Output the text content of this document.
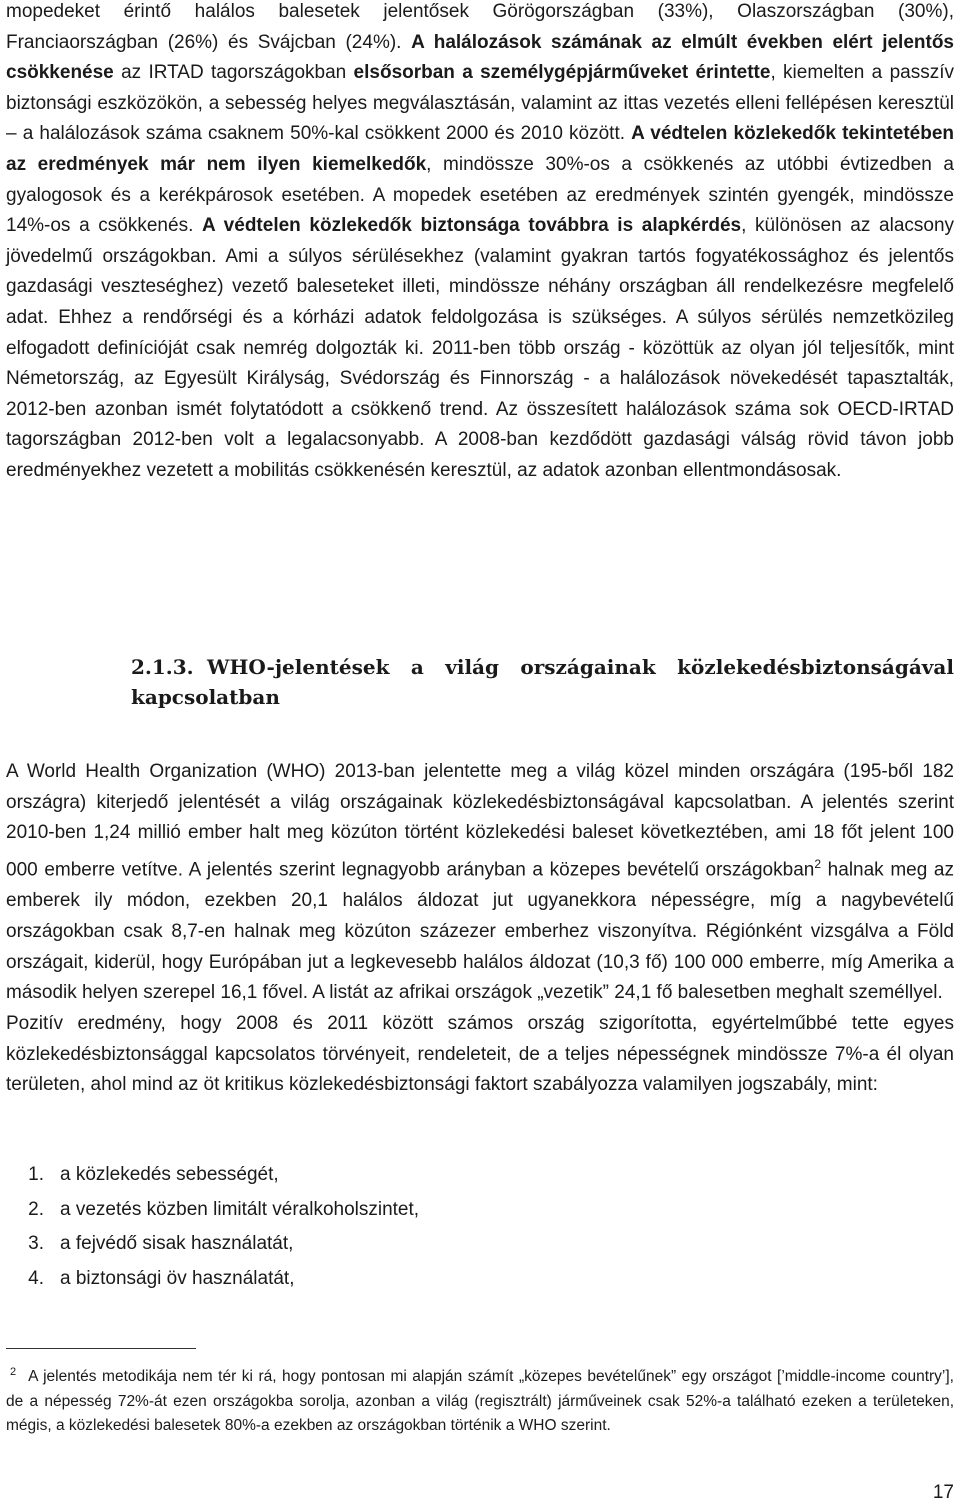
mopedeket érintő halálos balesetek jelentősek Görögországban (33%), Olaszországban (30%), Franciaországban (26%) és Svájcban (24%). A halálozások számának az elmúlt években elért jelentős csökkenése az IRTAD tagországokban elsősorban a személygépjárműveket érintette, kiemelten a passzív biztonsági eszközökön, a sebesség helyes megválasztásán, valamint az ittas vezetés elleni fellépésen keresztül – a halálozások száma csaknem 50%-kal csökkent 2000 és 2010 között. A védtelen közlekedők tekintetében az eredmények már nem ilyen kiemelkedők, mindössze 30%-os a csökkenés az utóbbi évtizedben a gyalogosok és a kerékpárosok esetében. A mopedek esetében az eredmények szintén gyengék, mindössze 14%-os a csökkenés. A védtelen közlekedők biztonsága továbbra is alapkérdés, különösen az alacsony jövedelmű országokban. Ami a súlyos sérülésekhez (valamint gyakran tartós fogyatékossághoz és jelentős gazdasági veszteséghez) vezető baleseteket illeti, mindössze néhány országban áll rendelkezésre megfelelő adat. Ehhez a rendőrségi és a kórházi adatok feldolgozása is szükséges. A súlyos sérülés nemzetközileg elfogadott definícióját csak nemrég dolgozták ki. 2011-ben több ország - közöttük az olyan jól teljesítők, mint Németország, az Egyesült Királyság, Svédország és Finnország - a halálozások növekedését tapasztalták, 2012-ben azonban ismét folytatódott a csökkenő trend. Az összesített halálozások száma sok OECD-IRTAD tagországban 2012-ben volt a legalacsonyabb. A 2008-ban kezdődött gazdasági válság rövid távon jobb eredményekhez vezetett a mobilitás csökkenésén keresztül, az adatok azonban ellentmondásosak.

2.1.3. WHO-jelentések a világ országainak közlekedésbiztonságával kapcsolatban

A World Health Organization (WHO) 2013-ban jelentette meg a világ közel minden országára (195-ből 182 országra) kiterjedő jelentését a világ országainak közlekedésbiztonságával kapcsolatban. A jelentés szerint 2010-ben 1,24 millió ember halt meg közúton történt közlekedési baleset következtében, ami 18 főt jelent 100 000 emberre vetítve. A jelentés szerint legnagyobb arányban a közepes bevételű országokban$^2$ halnak meg az emberek ily módon, ezekben 20,1 halálos áldozat jut ugyanekkora népességre, míg a nagybevételű országokban csak 8,7-en halnak meg közúton százezer emberhez viszonyítva. Régiónként vizsgálva a Föld országait, kiderül, hogy Európában jut a legkevesebb halálos áldozat (10,3 fő) 100 000 emberre, míg Amerika a második helyen szerepel 16,1 fővel. A listát az afrikai országok „vezetik” 24,1 fő balesetben meghalt személlyel.
Pozitív eredmény, hogy 2008 és 2011 között számos ország szigorította, egyértelműbbé tette egyes közlekedésbiztonsággal kapcsolatos törvényeit, rendeleteit, de a teljes népességnek mindössze 7%-a él olyan területen, ahol mind az öt kritikus közlekedésbiztonsági faktort szabályozza valamilyen jogszabály, mint:

1. a közlekedés sebességét,
2. a vezetés közben limitált véralkoholszintet,
3. a fejvédő sisak használatát,
4. a biztonsági öv használatát,
$^2$ A jelentés metodikája nem tér ki rá, hogy pontosan mi alapján számít „közepes bevételűnek” egy országot [’middle-income country’], de a népesség 72%-át ezen országokba sorolja, azonban a világ (regisztrált) járműveinek csak 52%-a található ezeken a területeken, mégis, a közlekedési balesetek 80%-a ezekben az országokban történik a WHO szerint.
17
